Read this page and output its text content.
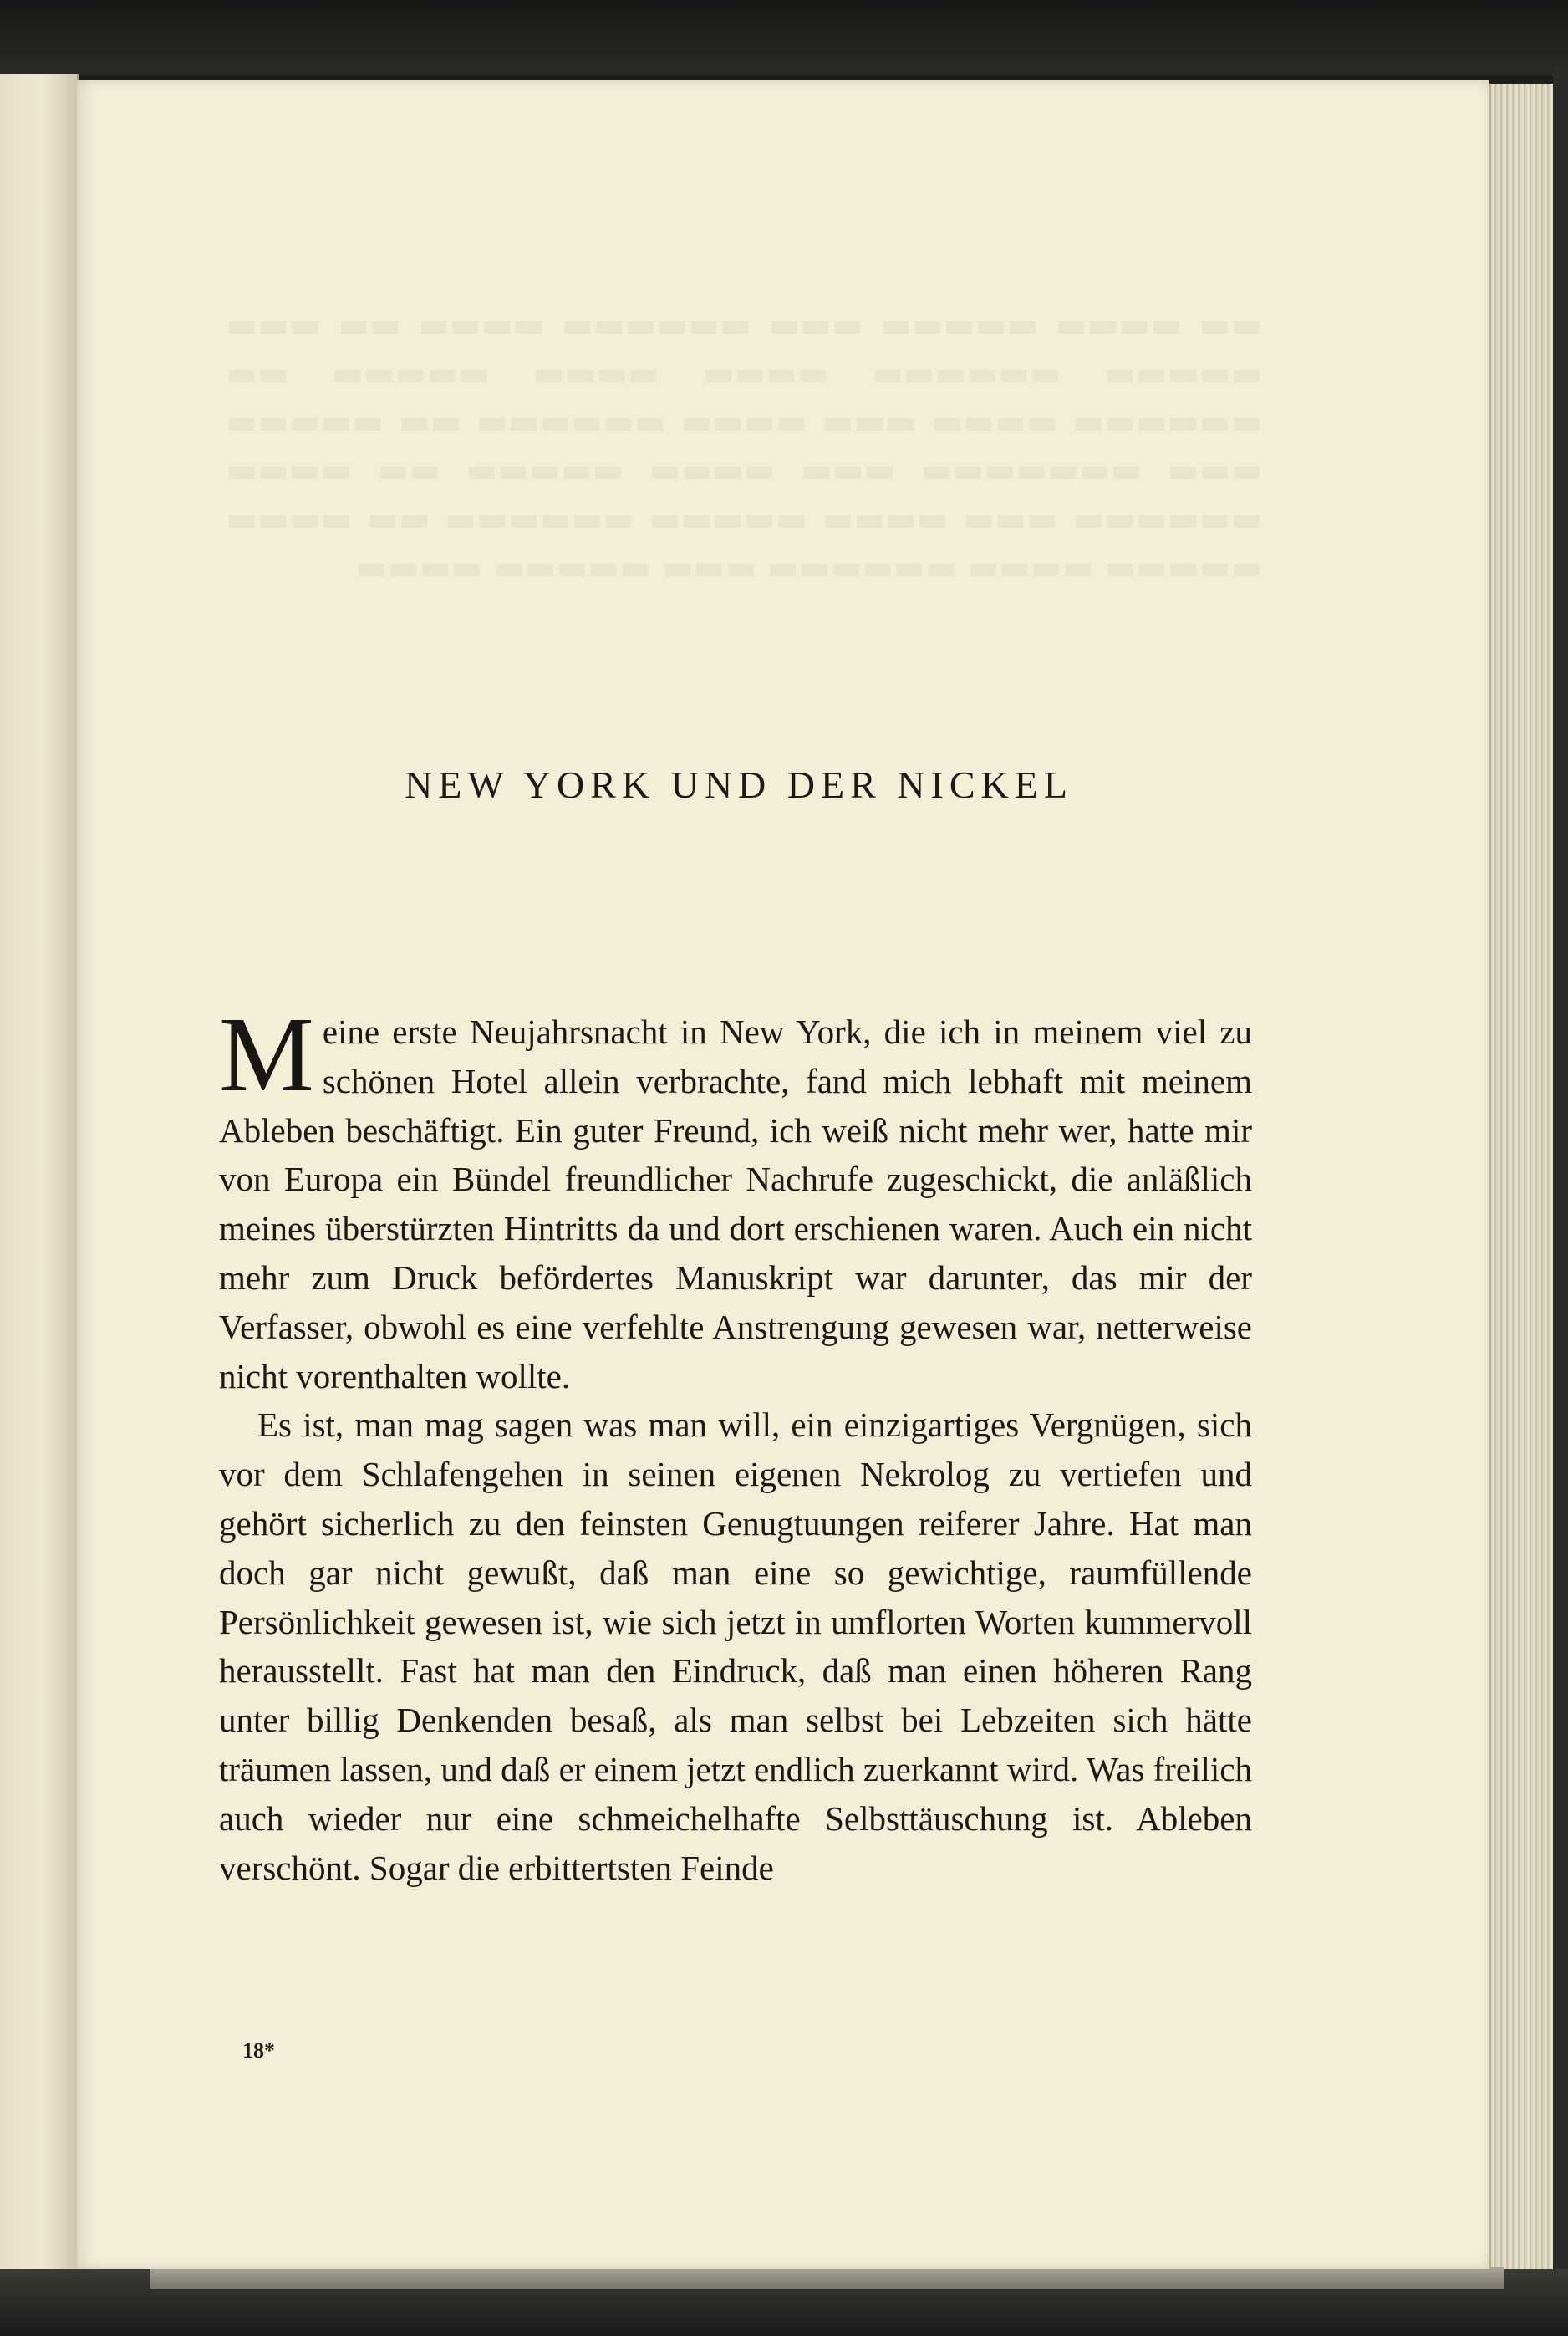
NEW YORK UND DER NICKEL

Meine erste Neujahrsnacht in New York, die ich in meinem viel zu schönen Hotel allein verbrachte, fand mich lebhaft mit meinem Ableben beschäftigt. Ein guter Freund, ich weiß nicht mehr wer, hatte mir von Europa ein Bündel freundlicher Nachrufe zugeschickt, die anläßlich meines überstürzten Hintritts da und dort erschienen waren. Auch ein nicht mehr zum Druck befördertes Manuskript war darunter, das mir der Verfasser, obwohl es eine verfehlte Anstrengung gewesen war, netterweise nicht vorenthalten wollte.

Es ist, man mag sagen was man will, ein einzigartiges Vergnügen, sich vor dem Schlafengehen in seinen eigenen Nekrolog zu vertiefen und gehört sicherlich zu den feinsten Genugtuungen reiferer Jahre. Hat man doch gar nicht gewußt, daß man eine so gewichtige, raumfüllende Persönlichkeit gewesen ist, wie sich jetzt in umflorten Worten kummervoll herausstellt. Fast hat man den Eindruck, daß man einen höheren Rang unter billig Denkenden besaß, als man selbst bei Lebzeiten sich hätte träumen lassen, und daß er einem jetzt endlich zuerkannt wird. Was freilich auch wieder nur eine schmeichelhafte Selbsttäuschung ist. Ableben verschönt. Sogar die erbittertsten Feinde

18*
